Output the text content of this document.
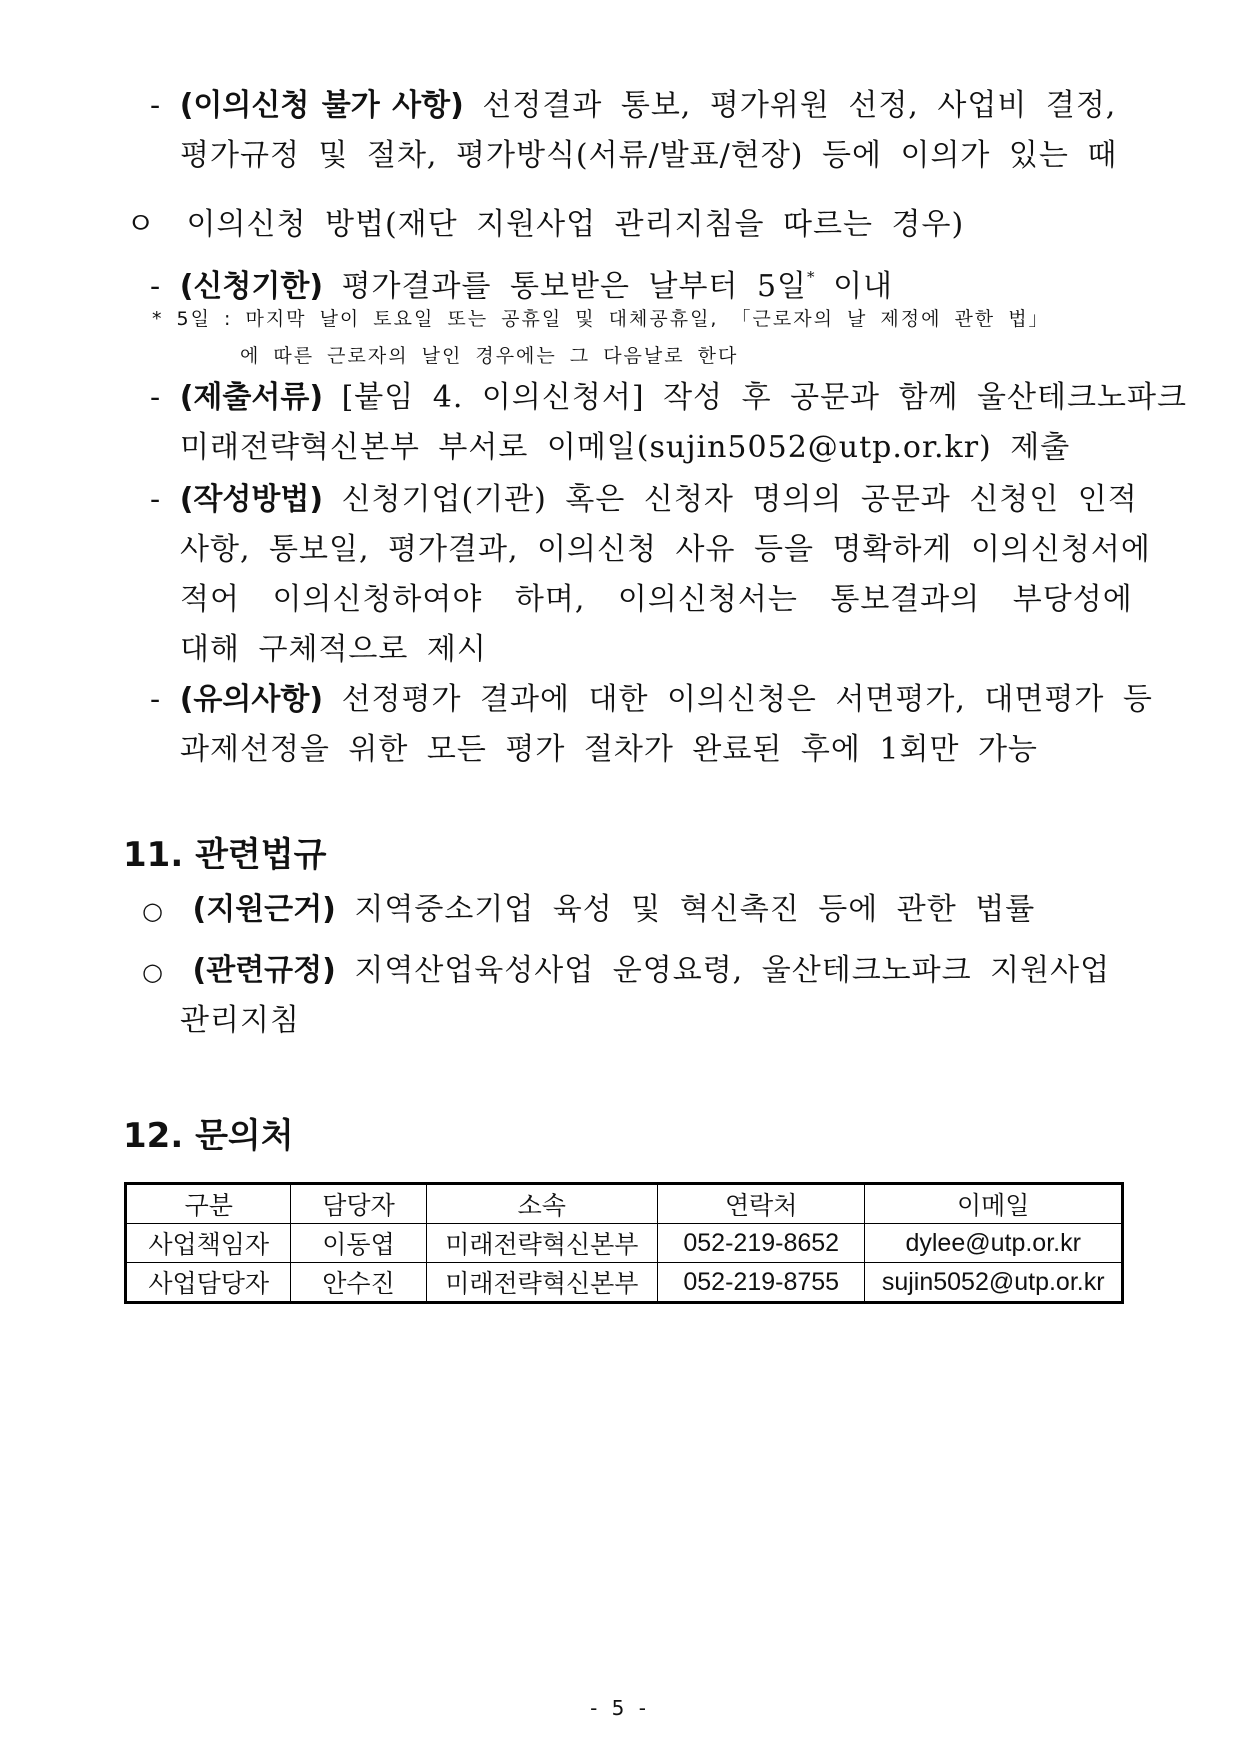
- (이의신청 불가 사항) 선정결과 통보, 평가위원 선정, 사업비 결정,
평가규정 및 절차, 평가방식(서류/발표/현장) 등에 이의가 있는 때
ㅇ 이의신청 방법(재단 지원사업 관리지침을 따르는 경우)
- (신청기한) 평가결과를 통보받은 날부터 5일* 이내
* 5일 : 마지막 날이 토요일 또는 공휴일 및 대체공휴일, 「근로자의 날 제정에 관한 법」
에 따른 근로자의 날인 경우에는 그 다음날로 한다
- (제출서류) [붙임 4. 이의신청서] 작성 후 공문과 함께 울산테크노파크
미래전략혁신본부 부서로 이메일(sujin5052@utp.or.kr) 제출
- (작성방법) 신청기업(기관) 혹은 신청자 명의의 공문과 신청인 인적
사항, 통보일, 평가결과, 이의신청 사유 등을 명확하게 이의신청서에
적어 이의신청하여야 하며, 이의신청서는 통보결과의 부당성에
대해 구체적으로 제시
- (유의사항) 선정평가 결과에 대한 이의신청은 서면평가, 대면평가 등
과제선정을 위한 모든 평가 절차가 완료된 후에 1회만 가능
11. 관련법규
○ (지원근거) 지역중소기업 육성 및 혁신촉진 등에 관한 법률
○ (관련규정) 지역산업육성사업 운영요령, 울산테크노파크 지원사업
관리지침
12. 문의처
구분	담당자	소속	연락처	이메일
사업책임자	이동엽	미래전략혁신본부	052-219-8652	dylee@utp.or.kr
사업담당자	안수진	미래전략혁신본부	052-219-8755	sujin5052@utp.or.kr
- 5 -
